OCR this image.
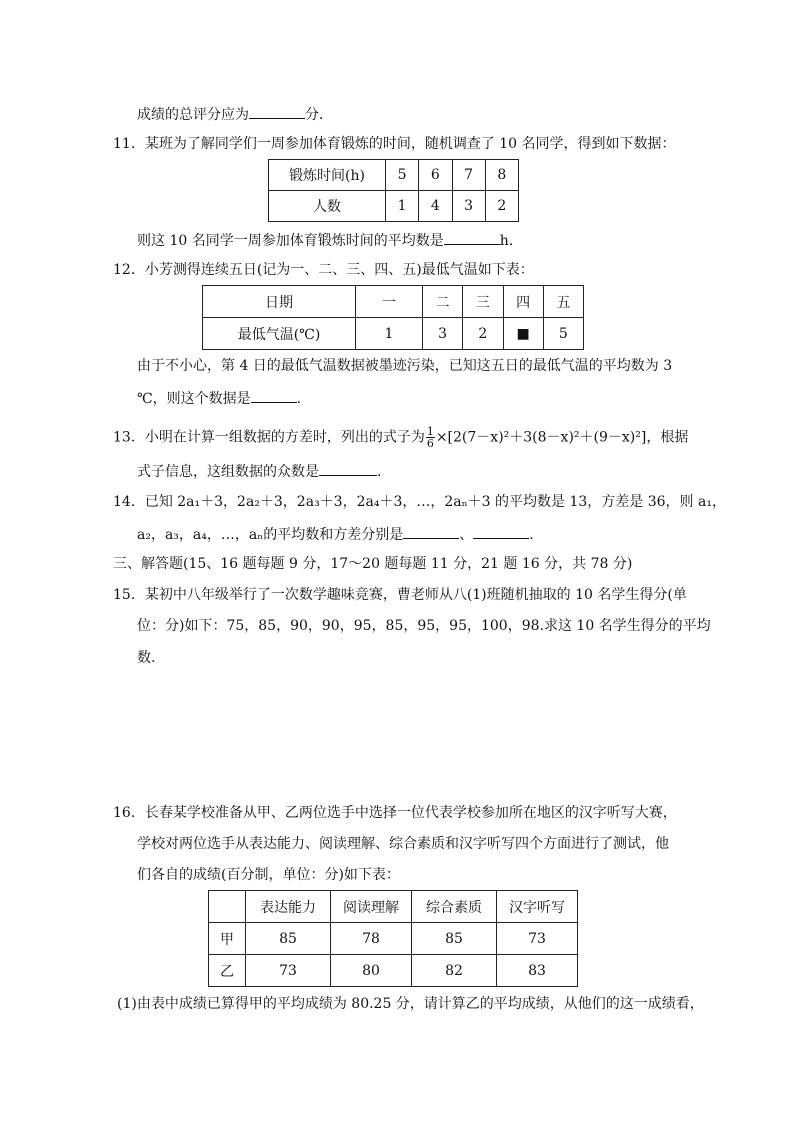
成绩的总评分应为	分．
11．某班为了解同学们一周参加体育锻炼的时间，随机调查了 10 名同学，得到如下数据：
锻炼时间(h)	5	6	7	8
人数	1	4	3	2
则这 10 名同学一周参加体育锻炼时间的平均数是	h.
12．小芳测得连续五日(记为一、二、三、四、五)最低气温如下表：
日期	一	二	三	四	五
最低气温(℃)	1	3	2	■	5
由于不小心，第 4 日的最低气温数据被墨迹污染，已知这五日的最低气温的平均数为 3
℃，则这个数据是	．
13．小明在计算一组数据的方差时，列出的式子为 $\frac{1}{6} \times[2(7-x)^2+3(8-x)^2+(9-x)^2]$，根据
式子信息，这组数据的众数是	．
14．已知 2a₁＋3，2a₂＋3，2a₃＋3，2a₄＋3，…，2aₙ＋3 的平均数是 13，方差是 36，则 a₁，
a₂，a₃，a₄，…，aₙ的平均数和方差分别是	、	．
三、解答题(15、16 题每题 9 分，17～20 题每题 11 分，21 题 16 分，共 78 分)
15．某初中八年级举行了一次数学趣味竞赛，曹老师从八(1)班随机抽取的 10 名学生得分(单
位：分)如下：75，85，90，90，95，85，95，95，100，98.求这 10 名学生得分的平均
数.
16．长春某学校准备从甲、乙两位选手中选择一位代表学校参加所在地区的汉字听写大赛，
学校对两位选手从表达能力、阅读理解、综合素质和汉字听写四个方面进行了测试，他
们各自的成绩(百分制，单位：分)如下表：
	表达能力	阅读理解	综合素质	汉字听写
甲	85	78	85	73
乙	73	80	82	83
(1)由表中成绩已算得甲的平均成绩为 80.25 分，请计算乙的平均成绩，从他们的这一成绩看，
